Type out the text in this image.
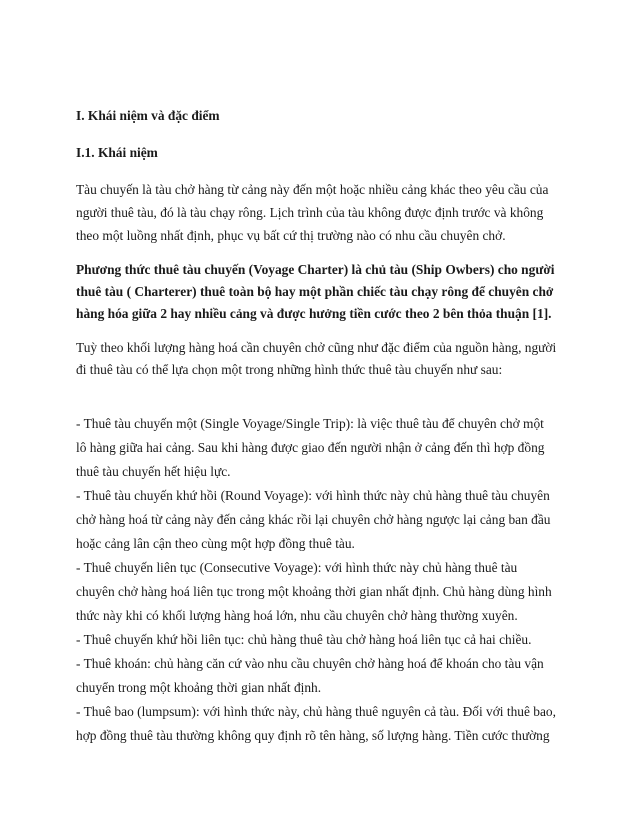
I. Khái niệm và đặc điểm
I.1. Khái niệm
Tàu chuyến là tàu chở hàng từ cảng này đến một hoặc nhiều cảng khác theo yêu cầu của
người thuê tàu, đó là tàu chạy rông. Lịch trình của tàu không được định trước và không
theo một luồng nhất định, phục vụ bất cứ thị trường nào có nhu cầu chuyên chở.
Phương thức thuê tàu chuyến (Voyage Charter) là chủ tàu (Ship Owbers) cho người
thuê tàu ( Charterer) thuê toàn bộ hay một phần chiếc tàu chạy rông để chuyên chở
hàng hóa giữa 2 hay nhiều cảng và được hưởng tiền cước theo 2 bên thỏa thuận [1].
Tuỳ theo khối lượng hàng hoá cần chuyên chở cũng như đặc điểm của nguồn hàng, người
đi thuê tàu có thể lựa chọn một trong những hình thức thuê tàu chuyến như sau:
- Thuê tàu chuyến một (Single Voyage/Single Trip): là việc thuê tàu để chuyên chở một
lô hàng giữa hai cảng. Sau khi hàng được giao đến người nhận ở cảng đến thì hợp đồng
thuê tàu chuyến hết hiệu lực.
- Thuê tàu chuyến khứ hồi (Round Voyage): với hình thức này chủ hàng thuê tàu chuyên
chở hàng hoá từ cảng này đến cảng khác rồi lại chuyên chở hàng ngược lại cảng ban đầu
hoặc cảng lân cận theo cùng một hợp đồng thuê tàu.
- Thuê chuyến liên tục (Consecutive Voyage): với hình thức này chủ hàng thuê tàu
chuyên chở hàng hoá liên tục trong một khoảng thời gian nhất định. Chủ hàng dùng hình
thức này khi có khối lượng hàng hoá lớn, nhu cầu chuyên chở hàng thường xuyên.
- Thuê chuyến khứ hồi liên tục: chủ hàng thuê tàu chở hàng hoá liên tục cả hai chiều.
- Thuê khoán: chủ hàng căn cứ vào nhu cầu chuyên chở hàng hoá để khoán cho tàu vận
chuyển trong một khoảng thời gian nhất định.
- Thuê bao (lumpsum): với hình thức này, chủ hàng thuê nguyên cả tàu. Đối với thuê bao,
hợp đồng thuê tàu thường không quy định rõ tên hàng, số lượng hàng. Tiền cước thường
